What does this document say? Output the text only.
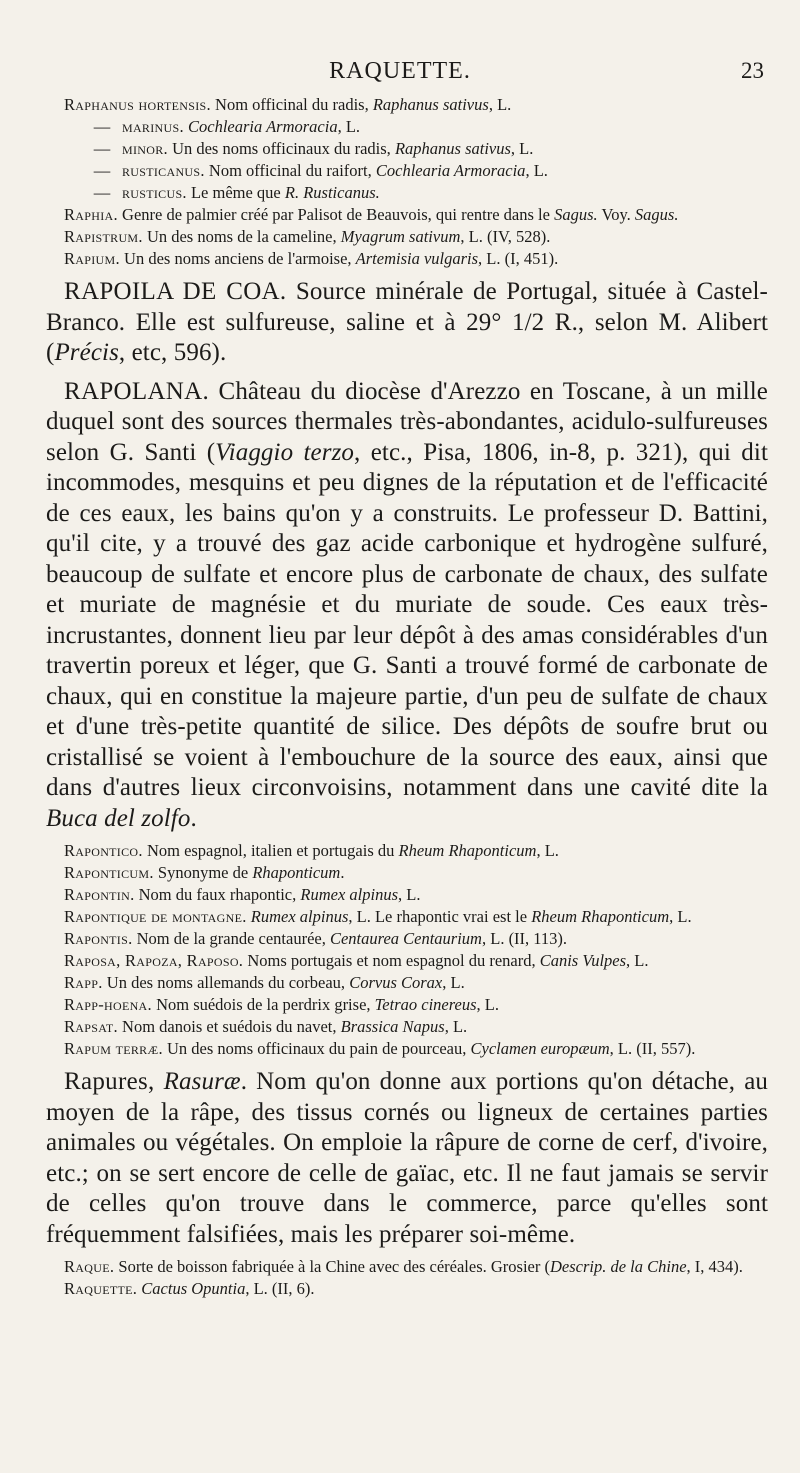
RAQUETTE.	23

Raphanus hortensis. Nom officinal du radis, Raphanus sativus, L.

— marinus. Cochlearia Armoracia, L.

— minor. Un des noms officinaux du radis, Raphanus sativus, L.

— rusticanus. Nom officinal du raifort, Cochlearia Armoracia, L.

— rusticus. Le même que R. Rusticanus.

Raphia. Genre de palmier créé par Palisot de Beauvois, qui rentre dans le Sagus. Voy. Sagus.

Rapistrum. Un des noms de la cameline, Myagrum sativum, L. (IV, 528).

Rapium. Un des noms anciens de l'armoise, Artemisia vulgaris, L. (I, 451).

RAPOILA DE COA. Source minérale de Portugal, située à Castel-Branco. Elle est sulfureuse, saline et à 29° 1/2 R., selon M. Alibert (Précis, etc, 596).

RAPOLANA. Château du diocèse d'Arezzo en Toscane, à un mille duquel sont des sources thermales très-abondantes, acidulo-sulfureuses selon G. Santi (Viaggio terzo, etc., Pisa, 1806, in-8, p. 321), qui dit incommodes, mesquins et peu dignes de la réputation et de l'efficacité de ces eaux, les bains qu'on y a construits. Le professeur D. Battini, qu'il cite, y a trouvé des gaz acide carbonique et hydrogène sulfuré, beaucoup de sulfate et encore plus de carbonate de chaux, des sulfate et muriate de magnésie et du muriate de soude. Ces eaux très-incrustantes, donnent lieu par leur dépôt à des amas considérables d'un travertin poreux et léger, que G. Santi a trouvé formé de carbonate de chaux, qui en constitue la majeure partie, d'un peu de sulfate de chaux et d'une très-petite quantité de silice. Des dépôts de soufre brut ou cristallisé se voient à l'embouchure de la source des eaux, ainsi que dans d'autres lieux circonvoisins, notamment dans une cavité dite la Buca del zolfo.

Rapontico. Nom espagnol, italien et portugais du Rheum Rhaponticum, L.

Raponticum. Synonyme de Rhaponticum.

Rapontin. Nom du faux rhapontic, Rumex alpinus, L.

Rapontique de montagne. Rumex alpinus, L. Le rhapontic vrai est le Rheum Rhaponticum, L.

Rapontis. Nom de la grande centaurée, Centaurea Centaurium, L. (II, 113).

Raposa, Rapoza, Raposo. Noms portugais et nom espagnol du renard, Canis Vulpes, L.

Rapp. Un des noms allemands du corbeau, Corvus Corax, L.

Rapp-hoena. Nom suédois de la perdrix grise, Tetrao cinereus, L.

Rapsat. Nom danois et suédois du navet, Brassica Napus, L.

Rapum terræ. Un des noms officinaux du pain de pourceau, Cyclamen europæum, L. (II, 557).

Rapures, Rasuræ. Nom qu'on donne aux portions qu'on détache, au moyen de la râpe, des tissus cornés ou ligneux de certaines parties animales ou végétales. On emploie la râpure de corne de cerf, d'ivoire, etc.; on se sert encore de celle de gaïac, etc. Il ne faut jamais se servir de celles qu'on trouve dans le commerce, parce qu'elles sont fréquemment falsifiées, mais les préparer soi-même.

Raque. Sorte de boisson fabriquée à la Chine avec des céréales. Grosier (Descrip. de la Chine, I, 434).

Raquette. Cactus Opuntia, L. (II, 6).
